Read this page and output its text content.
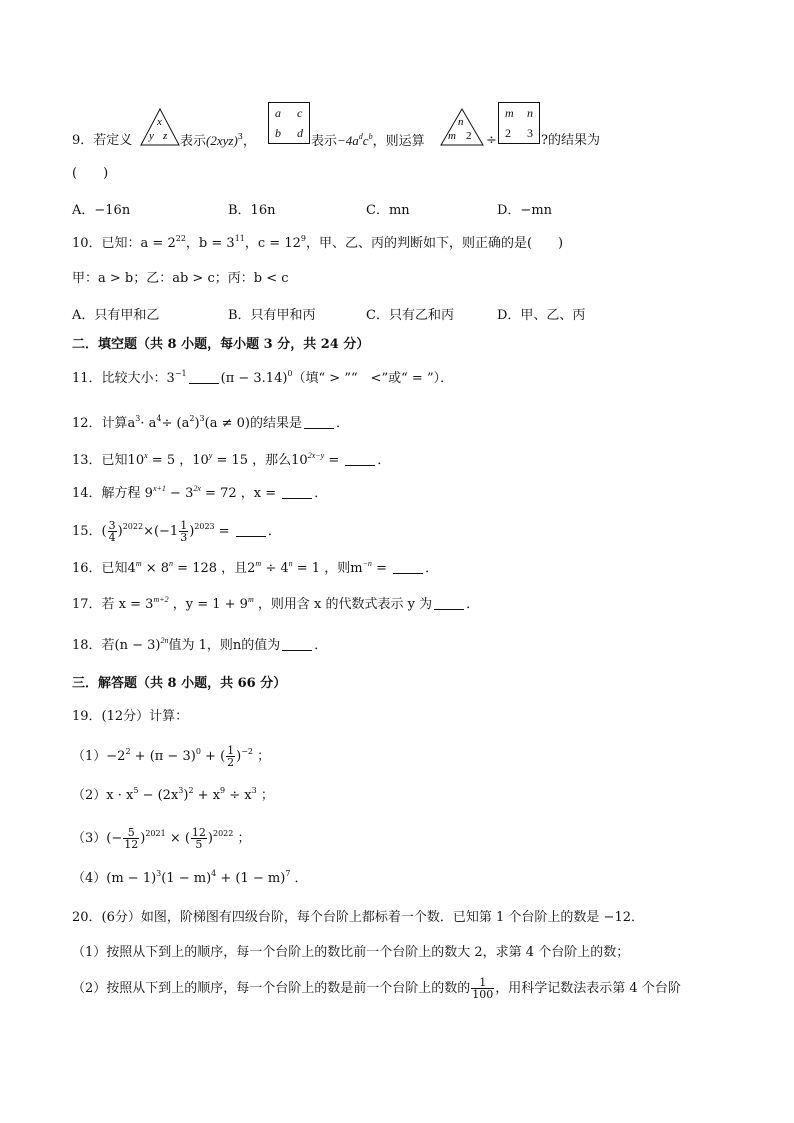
9．若定义
x
y z 表示$(2xyz)^3$，
a c
b d
表示$-4a^dc^b$，则运算
n
m 2 ÷
m n
2 3 ?的结果为
(　　)
A．−16n	B．16n	C．mn	D．−mn
10．已知：$a = 2^{22}$，$b = 3^{11}$，$c = 12^9$，甲、乙、丙的判断如下，则正确的是(　　)
甲：a > b；乙：ab > c；丙：b < c
A．只有甲和乙	B．只有甲和丙	C．只有乙和丙	D．甲、乙、丙
二．填空题（共 8 小题，每小题 3 分，共 24 分）
11．比较大小：$3^{-1}$	$(\pi - 3.14)^0$（填“ > ”“　<”或“ = ”）．
12．计算$a^3\cdot a^4\div (a^2)^3(a \ne 0)$的结果是	．
13．已知$10^x = 5$ ，$10^y = 15$ ，那么$10^{2x-y}$ =	．
14．解方程 $9^{x+1} - 3^{2x} = 72$ ，x =	．
15．( $\frac{3}{4} )^{2022}\times(-1 \frac{1}{3} )^{2023}$ =	．
16．已知$4^m \times 8^n = 128$ ，且$2^m \div 4^n = 1$ ，则$m^{-n}$ =	．
17．若 $x = 3^{m+2}$ ，$y = 1 + 9^m$ ，则用含 x 的代数式表示 y 为	．
18．若$(n - 3)^{2n}$值为 1，则n的值为	．
三．解答题（共 8 小题，共 66 分）
19．(12分）计算：
$(1)-2^2 + (\pi - 3)^0$ + ( $\frac{1}{2} )^{-2}$ ；
$(2)x \cdot x^5 - (2x^3)^2 + x^9 \div x^3$ ；
$(3)(- \frac{5}{12} )^{2021}$ × ( $\frac{12}{5} )^{2022}$ ；
$(4)(m - 1)^3(1 - m)^4 + (1 - m)^7$ ．
20．(6分）如图，阶梯图有四级台阶，每个台阶上都标着一个数．已知第 1 个台阶上的数是 −12．
（1）按照从下到上的顺序，每一个台阶上的数比前一个台阶上的数大 2，求第 4 个台阶上的数；
（2）按照从下到上的顺序，每一个台阶上的数是前一个台阶上的数的 $\frac{1}{100}$ ，用科学记数法表示第 4 个台阶
